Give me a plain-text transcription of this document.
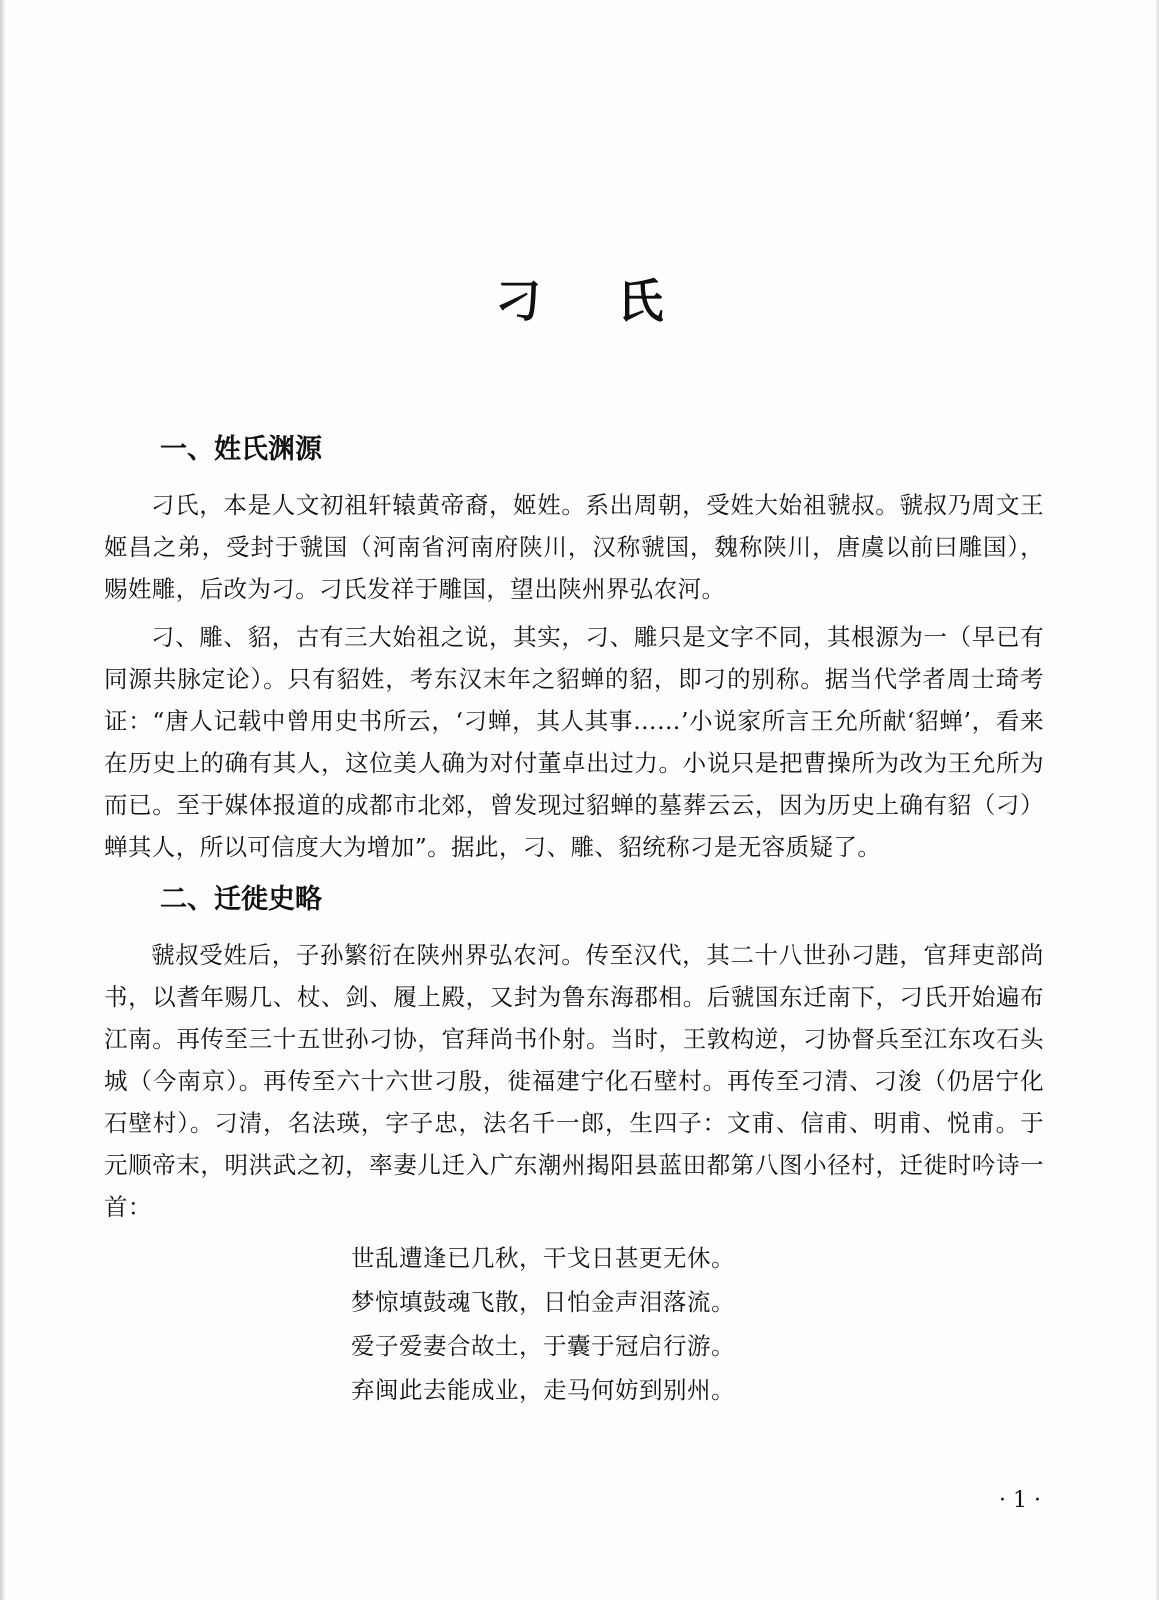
刁 氏
一、姓氏渊源

刁氏，本是人文初祖轩辕黄帝裔，姬姓。系出周朝，受姓大始祖虢叔。虢叔乃周文王姬昌之弟，受封于虢国（河南省河南府陕川，汉称虢国，魏称陕川，唐虞以前曰雕国），赐姓雕，后改为刁。刁氏发祥于雕国，望出陕州界弘农河。

刁、雕、貂，古有三大始祖之说，其实，刁、雕只是文字不同，其根源为一（早已有同源共脉定论）。只有貂姓，考东汉末年之貂蝉的貂，即刁的别称。据当代学者周士琦考证：“唐人记载中曾用史书所云，‘刁蝉，其人其事……’小说家所言王允所献‘貂蝉’，看来在历史上的确有其人，这位美人确为对付董卓出过力。小说只是把曹操所为改为王允所为而已。至于媒体报道的成都市北郊，曾发现过貂蝉的墓葬云云，因为历史上确有貂（刁）蝉其人，所以可信度大为增加”。据此，刁、雕、貂统称刁是无容质疑了。

二、迁徙史略

虢叔受姓后，子孙繁衍在陕州界弘农河。传至汉代，其二十八世孙刁韪，官拜吏部尚书，以耆年赐几、杖、剑、履上殿，又封为鲁东海郡相。后虢国东迁南下，刁氏开始遍布江南。再传至三十五世孙刁协，官拜尚书仆射。当时，王敦构逆，刁协督兵至江东攻石头城（今南京）。再传至六十六世刁殷，徙福建宁化石壁村。再传至刁清、刁浚（仍居宁化石壁村）。刁清，名法瑛，字子忠，法名千一郎，生四子：文甫、信甫、明甫、悦甫。于元顺帝末，明洪武之初，率妻儿迁入广东潮州揭阳县蓝田都第八图小径村，迁徙时吟诗一首：

世乱遭逢已几秋，干戈日甚更无休。
梦惊填鼓魂飞散，日怕金声泪落流。
爱子爱妻合故土，于囊于冠启行游。
弃闽此去能成业，走马何妨到别州。
· 1 ·
